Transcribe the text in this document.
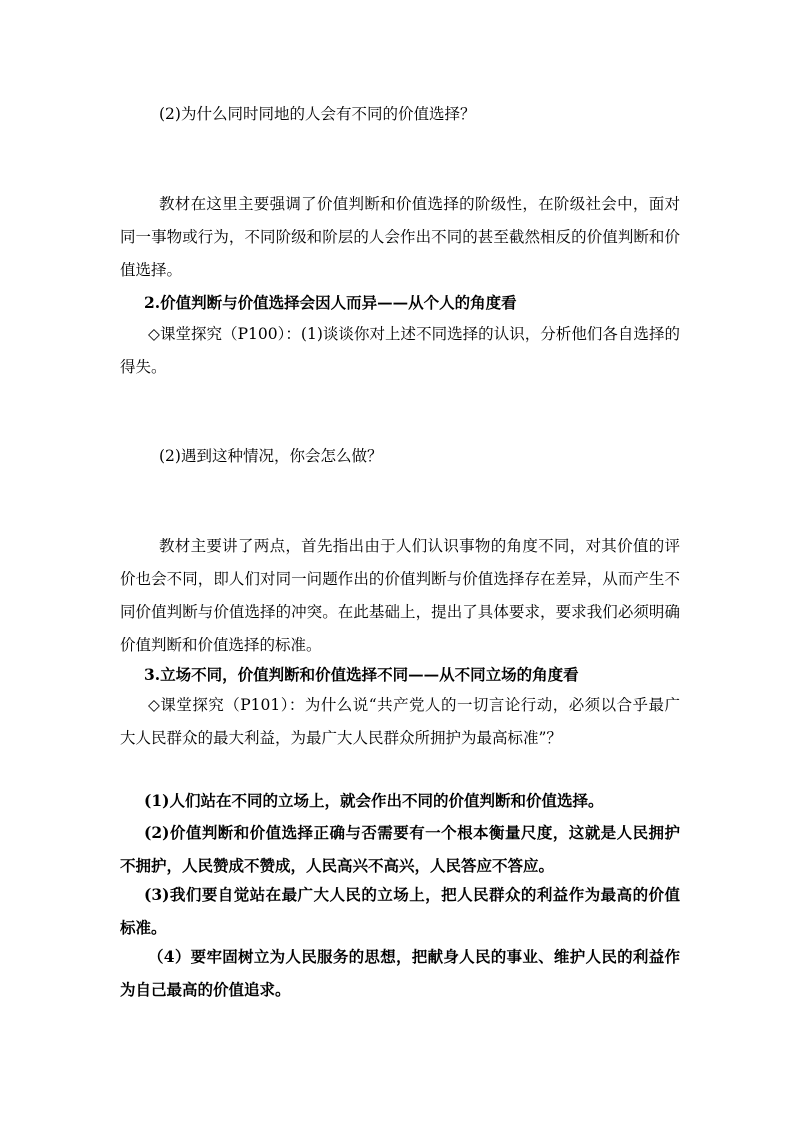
(2)为什么同时同地的人会有不同的价值选择？
教材在这里主要强调了价值判断和价值选择的阶级性，在阶级社会中，面对同一事物或行为，不同阶级和阶层的人会作出不同的甚至截然相反的价值判断和价值选择。
2.价值判断与价值选择会因人而异——从个人的角度看
◇课堂探究（P100）：(1)谈谈你对上述不同选择的认识，分析他们各自选择的得失。
(2)遇到这种情况，你会怎么做？
教材主要讲了两点，首先指出由于人们认识事物的角度不同，对其价值的评价也会不同，即人们对同一问题作出的价值判断与价值选择存在差异，从而产生不同价值判断与价值选择的冲突。在此基础上，提出了具体要求，要求我们必须明确价值判断和价值选择的标准。
3.立场不同，价值判断和价值选择不同——从不同立场的角度看
◇课堂探究（P101）：为什么说“共产党人的一切言论行动，必须以合乎最广大人民群众的最大利益，为最广大人民群众所拥护为最高标准”？
(1)人们站在不同的立场上，就会作出不同的价值判断和价值选择。
(2)价值判断和价值选择正确与否需要有一个根本衡量尺度，这就是人民拥护不拥护，人民赞成不赞成，人民高兴不高兴，人民答应不答应。
(3)我们要自觉站在最广大人民的立场上，把人民群众的利益作为最高的价值标准。
（4）要牢固树立为人民服务的思想，把献身人民的事业、维护人民的利益作为自己最高的价值追求。
